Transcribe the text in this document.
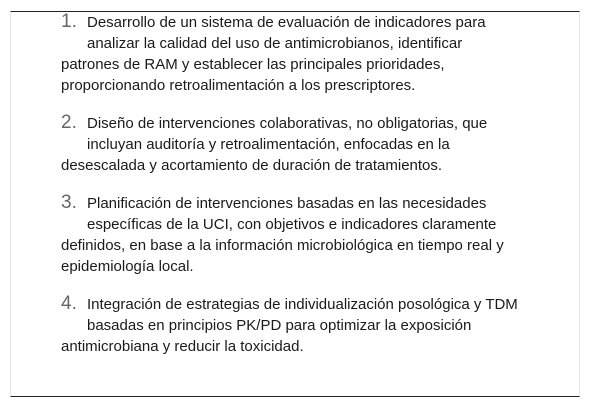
1. Desarrollo de un sistema de evaluación de indicadores para
analizar la calidad del uso de antimicrobianos, identificar
patrones de RAM y establecer las principales prioridades,
proporcionando retroalimentación a los prescriptores.
2. Diseño de intervenciones colaborativas, no obligatorias, que
incluyan auditoría y retroalimentación, enfocadas en la
desescalada y acortamiento de duración de tratamientos.
3. Planificación de intervenciones basadas en las necesidades
específicas de la UCI, con objetivos e indicadores claramente
definidos, en base a la información microbiológica en tiempo real y
epidemiología local.
4. Integración de estrategias de individualización posológica y TDM
basadas en principios PK/PD para optimizar la exposición
antimicrobiana y reducir la toxicidad.
